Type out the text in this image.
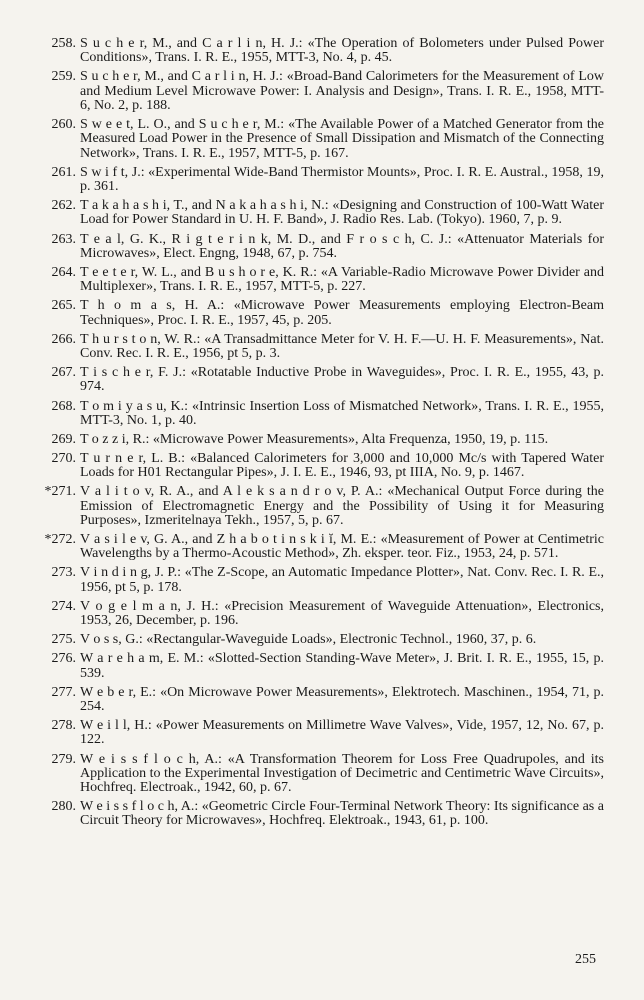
258. S u c h e r, M., and C a r l i n, H. J.: «The Operation of Bolometers under Pulsed Power Conditions», Trans. I. R. E., 1955, MTT-3, No. 4, p. 45.
259. S u c h e r, M., and C a r l i n, H. J.: «Broad-Band Calorimeters for the Measurement of Low and Medium Level Microwave Power: I. Analysis and Design», Trans. I. R. E., 1958, MTT-6, No. 2, p. 188.
260. S w e e t, L. O., and S u c h e r, M.: «The Available Power of a Matched Generator from the Measured Load Power in the Presence of Small Dissipation and Mismatch of the Connecting Network», Trans. I. R. E., 1957, MTT-5, p. 167.
261. S w i f t, J.: «Experimental Wide-Band Thermistor Mounts», Proc. I. R. E. Austral., 1958, 19, p. 361.
262. T a k a h a s h i, T., and N a k a h a s h i, N.: «Designing and Construction of 100-Watt Water Load for Power Standard in U. H. F. Band», J. Radio Res. Lab. (Tokyo). 1960, 7, p. 9.
263. T e a l, G. K., R i g t e r i n k, M. D., and F r o s c h, C. J.: «Attenuator Materials for Microwaves», Elect. Engng, 1948, 67, p. 754.
264. T e e t e r, W. L., and B u s h o r e, K. R.: «A Variable-Radio Microwave Power Divider and Multiplexer», Trans. I. R. E., 1957, MTT-5, p. 227.
265. T h o m a s, H. A.: «Microwave Power Measurements employing Electron-Beam Techniques», Proc. I. R. E., 1957, 45, p. 205.
266. T h u r s t o n, W. R.: «A Transadmittance Meter for V. H. F.—U. H. F. Measurements», Nat. Conv. Rec. I. R. E., 1956, pt 5, p. 3.
267. T i s c h e r, F. J.: «Rotatable Inductive Probe in Waveguides», Proc. I. R. E., 1955, 43, p. 974.
268. T o m i y a s u, K.: «Intrinsic Insertion Loss of Mismatched Network», Trans. I. R. E., 1955, MTT-3, No. 1, p. 40.
269. T o z z i, R.: «Microwave Power Measurements», Alta Frequenza, 1950, 19, p. 115.
270. T u r n e r, L. B.: «Balanced Calorimeters for 3,000 and 10,000 Mc/s with Tapered Water Loads for H01 Rectangular Pipes», J. I. E. E., 1946, 93, pt IIIA, No. 9, p. 1467.
*271. V a l i t o v, R. A., and A l e k s a n d r o v, P. A.: «Mechanical Output Force during the Emission of Electromagnetic Energy and the Possibility of Using it for Measuring Purposes», Izmeritelnaya Tekh., 1957, 5, p. 67.
*272. V a s i l e v, G. A., and Z h a b o t i n s k i ĭ, M. E.: «Measurement of Power at Centimetric Wavelengths by a Thermo-Acoustic Method», Zh. eksper. teor. Fiz., 1953, 24, p. 571.
273. V i n d i n g, J. P.: «The Z-Scope, an Automatic Impedance Plotter», Nat. Conv. Rec. I. R. E., 1956, pt 5, p. 178.
274. V o g e l m a n, J. H.: «Precision Measurement of Waveguide Attenuation», Electronics, 1953, 26, December, p. 196.
275. V o s s, G.: «Rectangular-Waveguide Loads», Electronic Technol., 1960, 37, p. 6.
276. W a r e h a m, E. M.: «Slotted-Section Standing-Wave Meter», J. Brit. I. R. E., 1955, 15, p. 539.
277. W e b e r, E.: «On Microwave Power Measurements», Elektrotech. Maschinen., 1954, 71, p. 254.
278. W e i l l, H.: «Power Measurements on Millimetre Wave Valves», Vide, 1957, 12, No. 67, p. 122.
279. W e i s s f l o c h, A.: «A Transformation Theorem for Loss Free Quadrupoles, and its Application to the Experimental Investigation of Decimetric and Centimetric Wave Circuits», Hochfreq. Electroak., 1942, 60, p. 67.
280. W e i s s f l o c h, A.: «Geometric Circle Four-Terminal Network Theory: Its significance as a Circuit Theory for Microwaves», Hochfreq. Elektroak., 1943, 61, p. 100.
255
